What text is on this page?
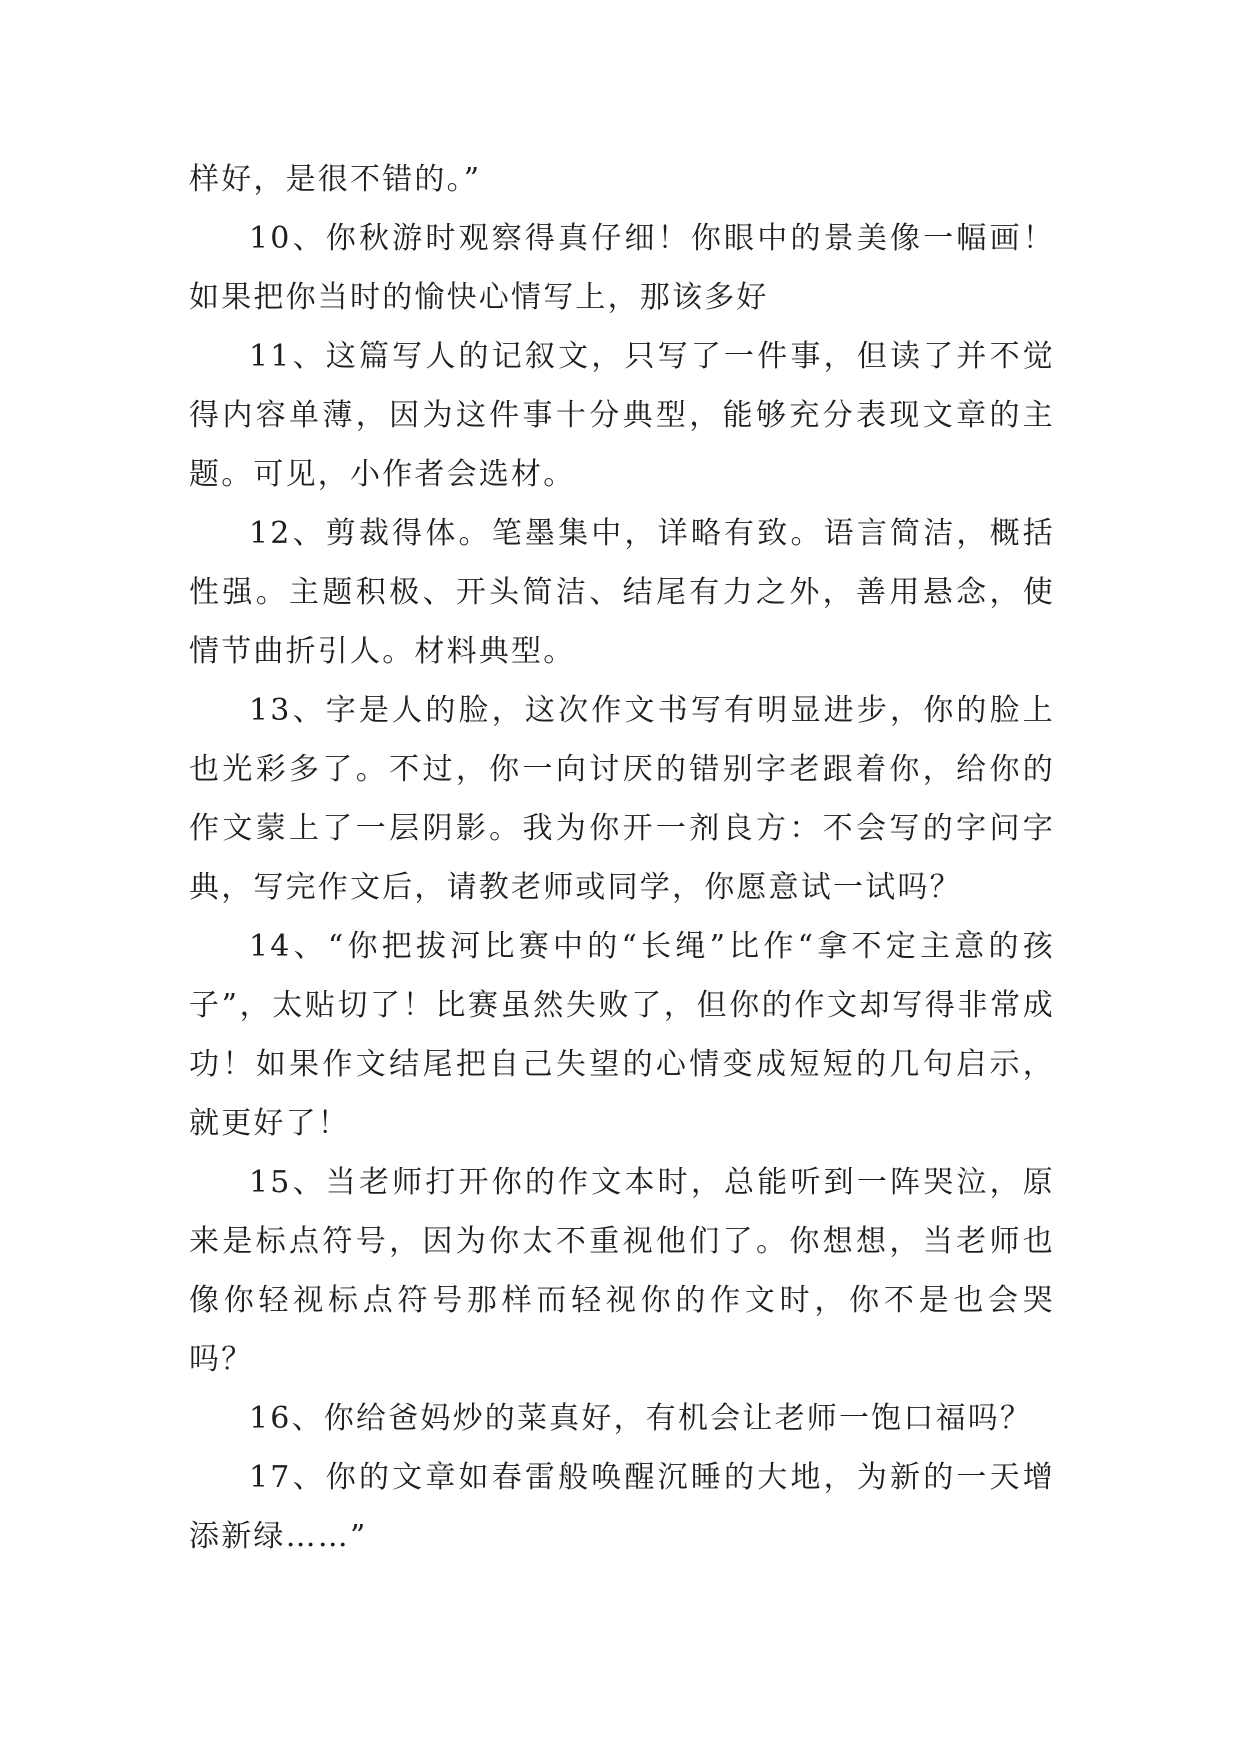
样好，是很不错的。”

10、你秋游时观察得真仔细！你眼中的景美像一幅画！如果把你当时的愉快心情写上，那该多好

11、这篇写人的记叙文，只写了一件事，但读了并不觉得内容单薄，因为这件事十分典型，能够充分表现文章的主题。可见，小作者会选材。

12、剪裁得体。笔墨集中，详略有致。语言简洁，概括性强。主题积极、开头简洁、结尾有力之外，善用悬念，使情节曲折引人。材料典型。

13、字是人的脸，这次作文书写有明显进步，你的脸上也光彩多了。不过，你一向讨厌的错别字老跟着你，给你的作文蒙上了一层阴影。我为你开一剂良方：不会写的字问字典，写完作文后，请教老师或同学，你愿意试一试吗？

14、“你把拔河比赛中的“长绳”比作“拿不定主意的孩子”，太贴切了！比赛虽然失败了，但你的作文却写得非常成功！如果作文结尾把自己失望的心情变成短短的几句启示，就更好了！

15、当老师打开你的作文本时，总能听到一阵哭泣，原来是标点符号，因为你太不重视他们了。你想想，当老师也像你轻视标点符号那样而轻视你的作文时，你不是也会哭吗？

16、你给爸妈炒的菜真好，有机会让老师一饱口福吗？

17、你的文章如春雷般唤醒沉睡的大地，为新的一天增添新绿……”
